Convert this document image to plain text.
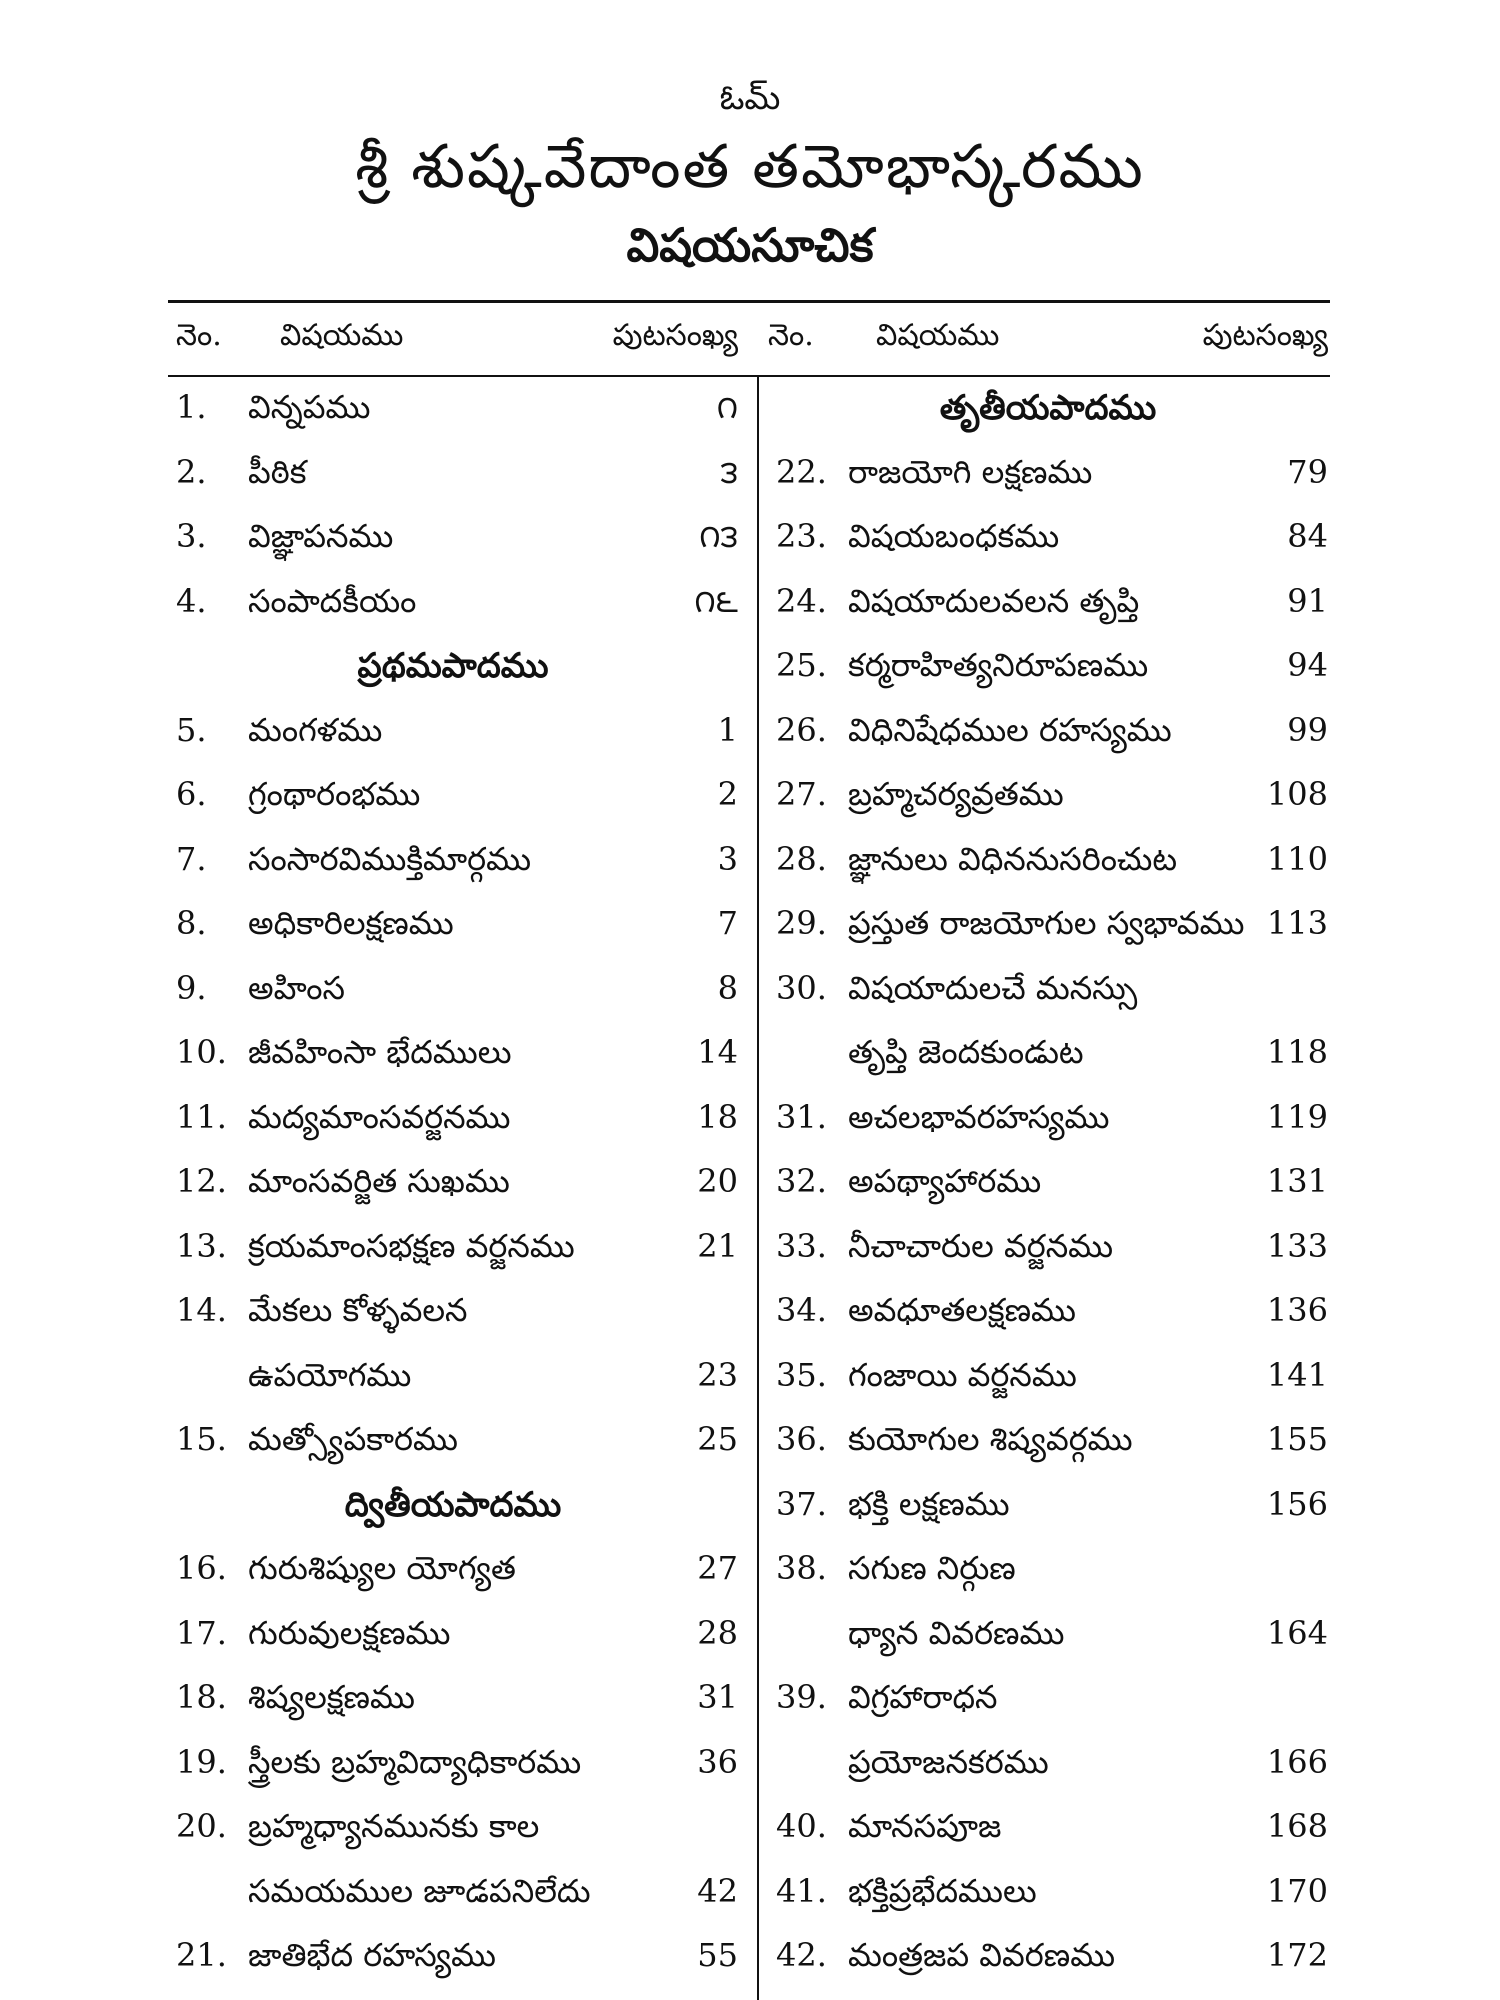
ఓమ్
శ్రీ శుష్కవేదాంత తమోభాస్కరము
విషయసూచిక
నెం. విషయము	పుటసంఖ్య నెం. విషయము	పుటసంఖ్య
1. విన్నపము	౧
2. పీఠిక	౩
3. విజ్ఞాపనము	౧౩
4. సంపాదకీయం	౧౬
ప్రథమపాదము
5. మంగళము	1
6. గ్రంథారంభము	2
7. సంసారవిముక్తిమార్గము	3
8. అధికారిలక్షణము	7
9. అహింస	8
10. జీవహింసా భేదములు	14
11. మద్యమాంసవర్జనము	18
12. మాంసవర్జిత సుఖము	20
13. క్రయమాంసభక్షణ వర్జనము	21
14. మేకలు కోళ్ళవలన
ఉపయోగము	23
15. మత్స్యోపకారము	25
ద్వితీయపాదము
16. గురుశిష్యుల యోగ్యత	27
17. గురువులక్షణము	28
18. శిష్యలక్షణము	31
19. స్త్రీలకు బ్రహ్మవిద్యాధికారము	36
20. బ్రహ్మధ్యానమునకు కాల
సమయముల జూడపనిలేదు	42
21. జాతిభేద రహస్యము	55
తృతీయపాదము
22. రాజయోగి లక్షణము	79
23. విషయబంధకము	84
24. విషయాదులవలన తృప్తి	91
25. కర్మరాహిత్యనిరూపణము	94
26. విధినిషేధముల రహస్యము	99
27. బ్రహ్మచర్యవ్రతము	108
28. జ్ఞానులు విధిననుసరించుట	110
29. ప్రస్తుత రాజయోగుల స్వభావము 113
30. విషయాదులచే మనస్సు
తృప్తి జెందకుండుట	118
31. అచలభావరహస్యము	119
32. అపథ్యాహారము	131
33. నీచాచారుల వర్జనము	133
34. అవధూతలక్షణము	136
35. గంజాయి వర్జనము	141
36. కుయోగుల శిష్యవర్గము	155
37. భక్తి లక్షణము	156
38. సగుణ నిర్గుణ
ధ్యాన వివరణము	164
39. విగ్రహారాధన
ప్రయోజనకరము	166
40. మానసపూజ	168
41. భక్తిప్రభేదములు	170
42. మంత్రజప వివరణము	172
